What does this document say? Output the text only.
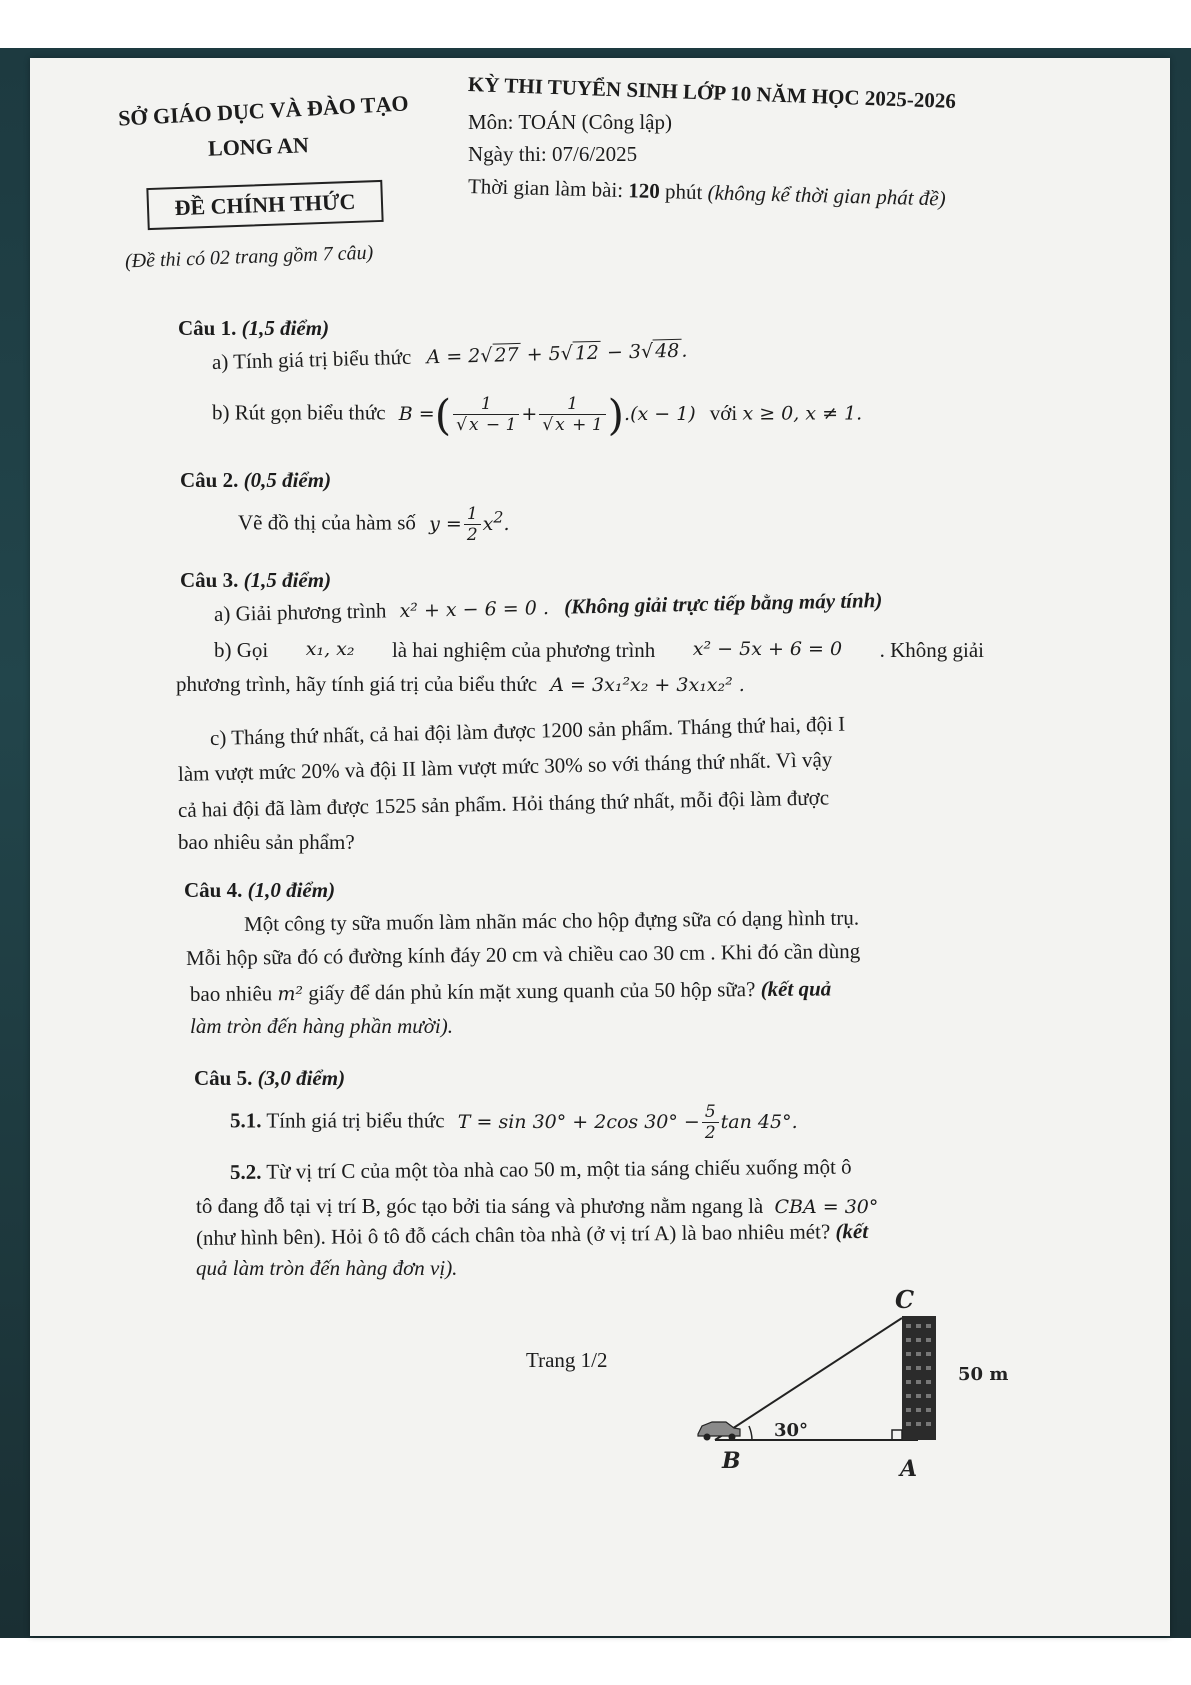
SỞ GIÁO DỤC VÀ ĐÀO TẠO
LONG AN
ĐỀ CHÍNH THỨC
(Đề thi có 02 trang gồm 7 câu)
KỲ THI TUYỂN SINH LỚP 10 NĂM HỌC 2025-2026
Môn: TOÁN (Công lập)
Ngày thi: 07/6/2025
Thời gian làm bài: 120 phút (không kể thời gian phát đề)
Câu 1. (1,5 điểm)
a) Tính giá trị biểu thức A = 2√27 + 5√12 − 3√48.
b) Rút gọn biểu thức B =( $\frac{1}{√ x - 1} + \frac{1}{√ x + 1} ).(x - 1)$ với x ≥ 0, x ≠ 1.
Câu 2. (0,5 điểm)
Vẽ đồ thị của hàm số $y = \frac{1}{2} x^2$.
Câu 3. (1,5 điểm)
a) Giải phương trình x² + x − 6 = 0 . (Không giải trực tiếp bằng máy tính)
b) Gọi x₁, x₂ là hai nghiệm của phương trình x² − 5x + 6 = 0 . Không giải
phương trình, hãy tính giá trị của biểu thức A = 3x₁²x₂ + 3x₁x₂² .
c) Tháng thứ nhất, cả hai đội làm được 1200 sản phẩm. Tháng thứ hai, đội I
làm vượt mức 20% và đội II làm vượt mức 30% so với tháng thứ nhất. Vì vậy
cả hai đội đã làm được 1525 sản phẩm. Hỏi tháng thứ nhất, mỗi đội làm được
bao nhiêu sản phẩm?
Câu 4. (1,0 điểm)
Một công ty sữa muốn làm nhãn mác cho hộp đựng sữa có dạng hình trụ.
Mỗi hộp sữa đó có đường kính đáy 20 cm và chiều cao 30 cm . Khi đó cần dùng
bao nhiêu m² giấy để dán phủ kín mặt xung quanh của 50 hộp sữa? (kết quả
làm tròn đến hàng phần mười).
Câu 5. (3,0 điểm)
5.1. Tính giá trị biểu thức T = sin 30° + 2cos $30^\circ - \frac{5}{2}$ tan 45°.
5.2. Từ vị trí C của một tòa nhà cao 50 m, một tia sáng chiếu xuống một ô
tô đang đỗ tại vị trí B, góc tạo bởi tia sáng và phương nằm ngang là CBA = 30°
(như hình bên). Hỏi ô tô đỗ cách chân tòa nhà (ở vị trí A) là bao nhiêu mét? (kết
quả làm tròn đến hàng đơn vị).
C
B	A
50 m
30°
Trang 1/2
